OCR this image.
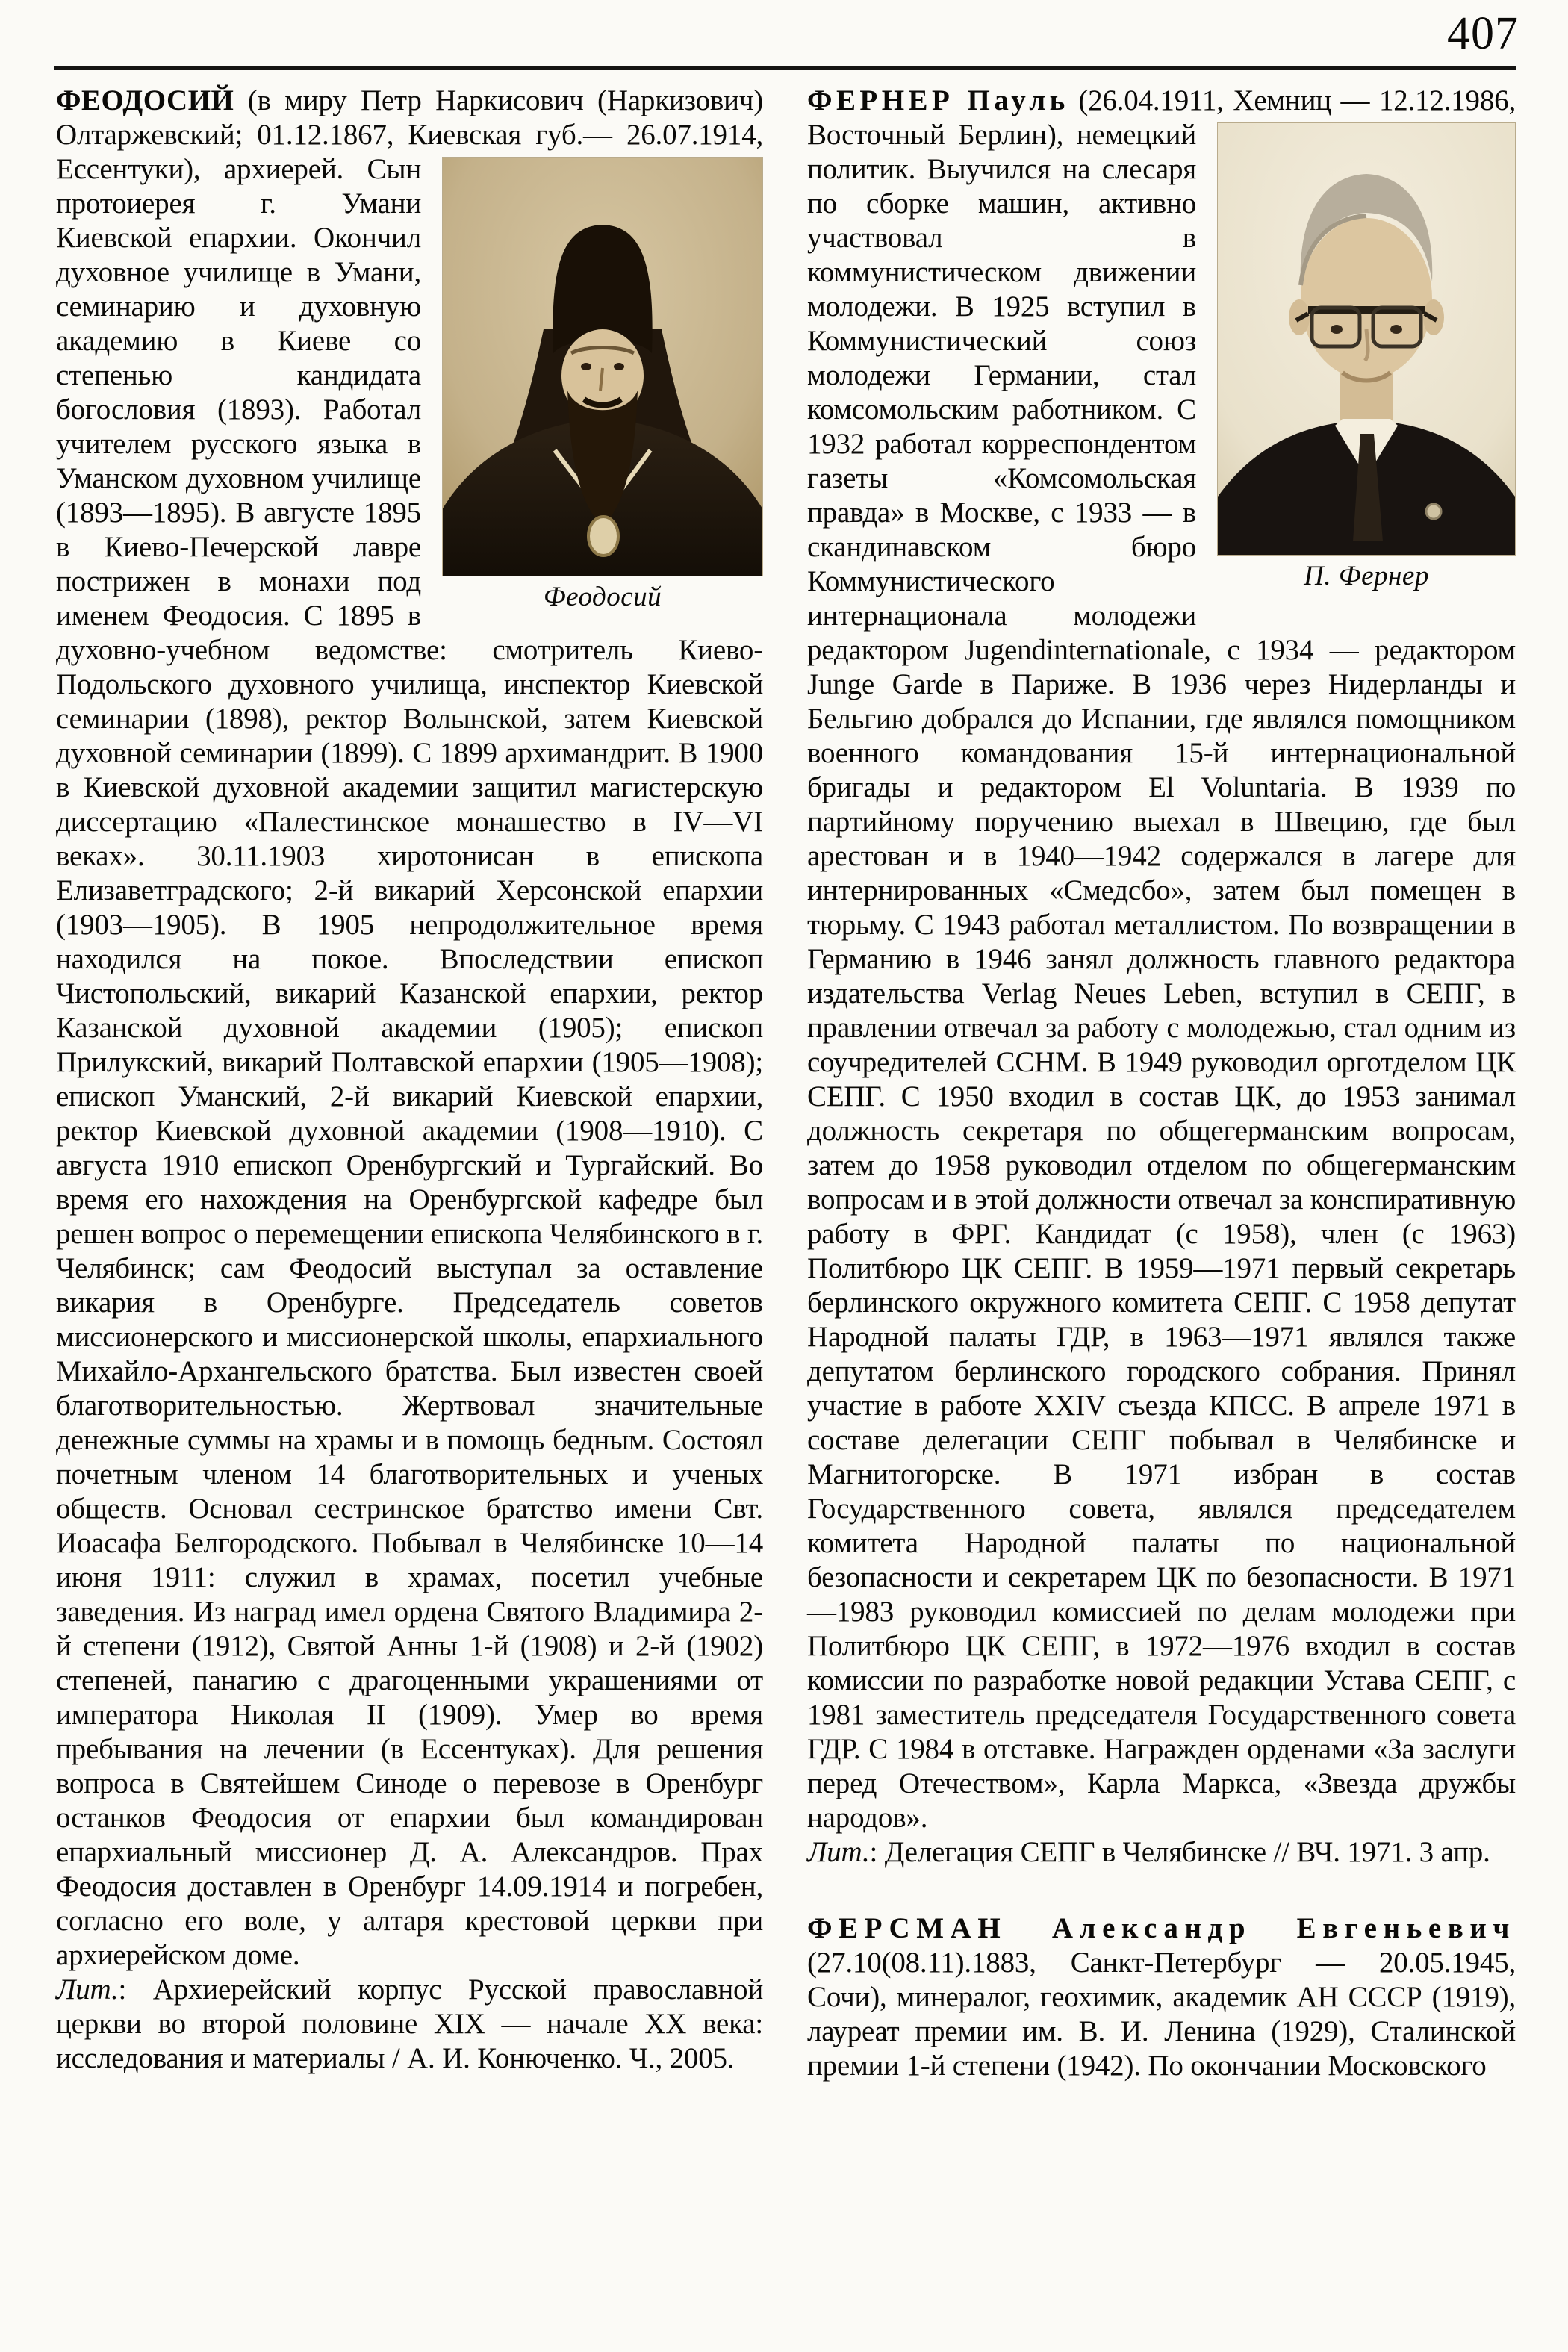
407

ФЕОДОСИЙ (в миру Петр Наркисович (Наркизович) Олтаржевский; 01.12.1867, Киевская
Феодосий
губ.— 26.07.1914, Ессентуки), архиерей. Сын протоиерея г. Умани Киевской епархии. Окончил духовное училище в Умани, семинарию и духовную академию в Киеве со степенью кандидата богословия (1893). Работал учителем русского языка в Уманском духовном училище (1893—1895). В августе 1895 в Киево-Печерской лавре пострижен в монахи под именем Феодосия. С 1895 в духовно-учебном ведомстве: смотритель Киево-Подольского духовного училища, инспектор Киевской семинарии (1898), ректор Волынской, затем Киевской духовной семинарии (1899). С 1899 архимандрит. В 1900 в Киевской духовной академии защитил магистерскую диссертацию «Палестинское монашество в IV—VI веках». 30.11.1903 хиротонисан в епископа Елизаветградского; 2-й викарий Херсонской епархии (1903—1905). В 1905 непродолжительное время находился на покое. Впоследствии епископ Чистопольский, викарий Казанской епархии, ректор Казанской духовной академии (1905); епископ Прилукский, викарий Полтавской епархии (1905—1908); епископ Уманский, 2-й викарий Киевской епархии, ректор Киевской духовной академии (1908—1910). С августа 1910 епископ Оренбургский и Тургайский. Во время его нахождения на Оренбургской кафедре был решен вопрос о перемещении епископа Челябинского в г. Челябинск; сам Феодосий выступал за оставление викария в Оренбурге. Председатель советов миссионерского и миссионерской школы, епархиального Михайло-Архангельского братства. Был известен своей благотворительностью. Жертвовал значительные денежные суммы на храмы и в помощь бедным. Состоял почетным членом 14 благотворительных и ученых обществ. Основал сестринское братство имени Свт. Иоасафа Белгородского. Побывал в Челябинске 10—14 июня 1911: служил в храмах, посетил учебные заведения. Из наград имел ордена Святого Владимира 2-й степени (1912), Святой Анны 1-й (1908) и 2-й (1902) степеней, панагию с драгоценными украшениями от императора Николая II (1909). Умер во время пребывания на лечении (в Ессентуках). Для решения вопроса в Святейшем Синоде о перевозе в Оренбург останков Феодосия от епархии был командирован епархиальный миссионер Д. А. Александров. Прах Феодосия доставлен в Оренбург 14.09.1914 и погребен, согласно его воле, у алтаря крестовой церкви при архиерейском доме.

Лит.: Архиерейский корпус Русской православной церкви во второй половине XIX — начале XX века: исследования и материалы / А. И. Конюченко. Ч., 2005.

ФЕРНЕР Пауль (26.04.1911, Хемниц — 12.12.1986, Восточный Берлин), немецкий
П. Фернер
политик. Выучился на слесаря по сборке машин, активно участвовал в коммунистическом движении молодежи. В 1925 вступил в Коммунистический союз молодежи Германии, стал комсомольским работником. С 1932 работал корреспондентом газеты «Комсомольская правда» в Москве, с 1933 — в скандинавском бюро Коммунистического интернационала молодежи редактором Jugendinternationale, с 1934 — редактором Junge Garde в Париже. В 1936 через Нидерланды и Бельгию добрался до Испании, где являлся помощником военного командования 15-й интернациональной бригады и редактором El Voluntaria. В 1939 по партийному поручению выехал в Швецию, где был арестован и в 1940—1942 содержался в лагере для интернированных «Смедсбо», затем был помещен в тюрьму. С 1943 работал металлистом. По возвращении в Германию в 1946 занял должность главного редактора издательства Verlag Neues Leben, вступил в СЕПГ, в правлении отвечал за работу с молодежью, стал одним из соучредителей ССНМ. В 1949 руководил орготделом ЦК СЕПГ. С 1950 входил в состав ЦК, до 1953 занимал должность секретаря по общегерманским вопросам, затем до 1958 руководил отделом по общегерманским вопросам и в этой должности отвечал за конспиративную работу в ФРГ. Кандидат (с 1958), член (с 1963) Политбюро ЦК СЕПГ. В 1959—1971 первый секретарь берлинского окружного комитета СЕПГ. С 1958 депутат Народной палаты ГДР, в 1963—1971 являлся также депутатом берлинского городского собрания. Принял участие в работе XXIV съезда КПСС. В апреле 1971 в составе делегации СЕПГ побывал в Челябинске и Магнитогорске. В 1971 избран в состав Государственного совета, являлся председателем комитета Народной палаты по национальной безопасности и секретарем ЦК по безопасности. В 1971—1983 руководил комиссией по делам молодежи при Политбюро ЦК СЕПГ, в 1972—1976 входил в состав комиссии по разработке новой редакции Устава СЕПГ, с 1981 заместитель председателя Государственного совета ГДР. С 1984 в отставке. Награжден орденами «За заслуги перед Отечеством», Карла Маркса, «Звезда дружбы народов».

Лит.: Делегация СЕПГ в Челябинске // ВЧ. 1971. 3 апр.

ФЕРСМАН Александр Евгеньевич (27.10(08.11).1883, Санкт-Петербург — 20.05.1945, Сочи), минералог, геохимик, академик АН СССР (1919), лауреат премии им. В. И. Ленина (1929), Сталинской премии 1-й степени (1942). По окончании Московского
